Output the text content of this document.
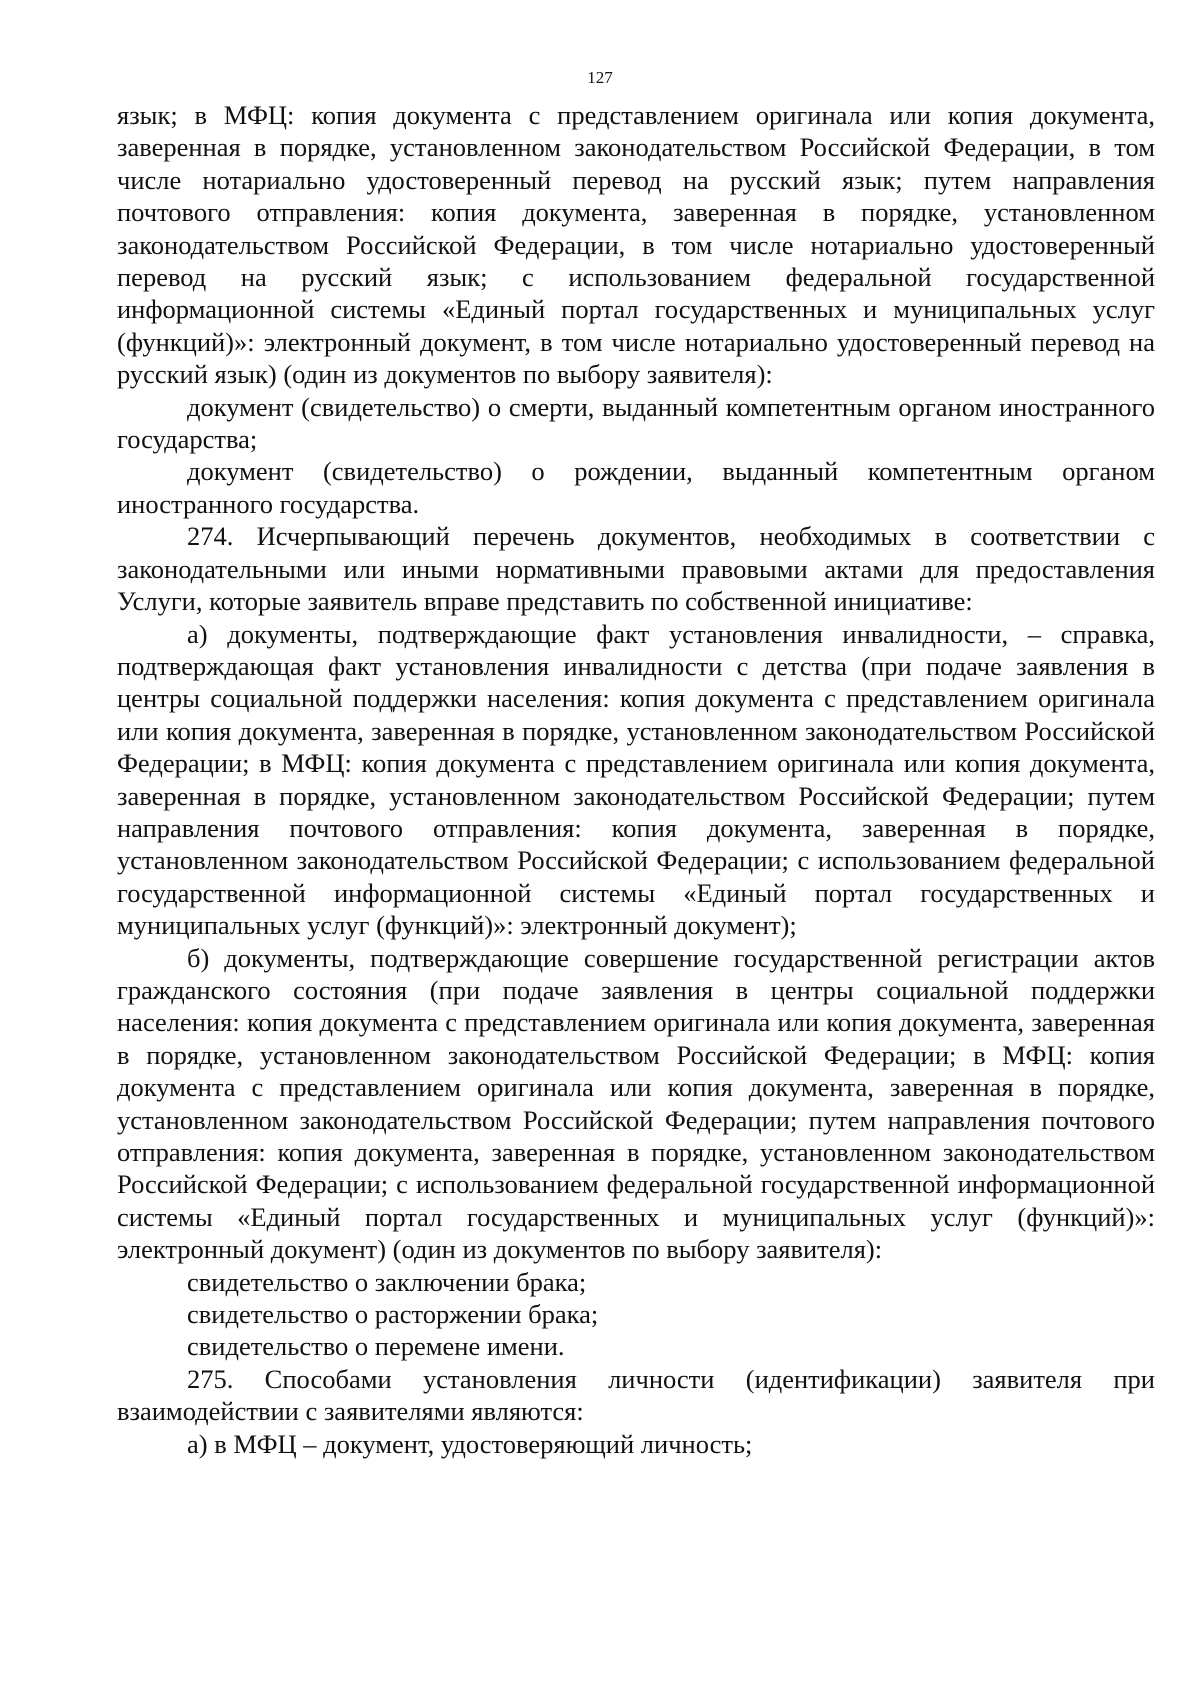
127

язык; в МФЦ: копия документа с представлением оригинала или копия документа, заверенная в порядке, установленном законодательством Российской Федерации, в том числе нотариально удостоверенный перевод на русский язык; путем направления почтового отправления: копия документа, заверенная в порядке, установленном законодательством Российской Федерации, в том числе нотариально удостоверенный перевод на русский язык; с использованием федеральной государственной информационной системы «Единый портал государственных и муниципальных услуг (функций)»: электронный документ, в том числе нотариально удостоверенный перевод на русский язык) (один из документов по выбору заявителя):

документ (свидетельство) о смерти, выданный компетентным органом иностранного государства;

документ (свидетельство) о рождении, выданный компетентным органом иностранного государства.

274. Исчерпывающий перечень документов, необходимых в соответствии с законодательными или иными нормативными правовыми актами для предоставления Услуги, которые заявитель вправе представить по собственной инициативе:

а) документы, подтверждающие факт установления инвалидности, – справка, подтверждающая факт установления инвалидности с детства (при подаче заявления в центры социальной поддержки населения: копия документа с представлением оригинала или копия документа, заверенная в порядке, установленном законодательством Российской Федерации; в МФЦ: копия документа с представлением оригинала или копия документа, заверенная в порядке, установленном законодательством Российской Федерации; путем направления почтового отправления: копия документа, заверенная в порядке, установленном законодательством Российской Федерации; с использованием федеральной государственной информационной системы «Единый портал государственных и муниципальных услуг (функций)»: электронный документ);

б) документы, подтверждающие совершение государственной регистрации актов гражданского состояния (при подаче заявления в центры социальной поддержки населения: копия документа с представлением оригинала или копия документа, заверенная в порядке, установленном законодательством Российской Федерации; в МФЦ: копия документа с представлением оригинала или копия документа, заверенная в порядке, установленном законодательством Российской Федерации; путем направления почтового отправления: копия документа, заверенная в порядке, установленном законодательством Российской Федерации; с использованием федеральной государственной информационной системы «Единый портал государственных и муниципальных услуг (функций)»: электронный документ) (один из документов по выбору заявителя):

свидетельство о заключении брака;

свидетельство о расторжении брака;

свидетельство о перемене имени.

275. Способами установления личности (идентификации) заявителя при взаимодействии с заявителями являются:

а) в МФЦ – документ, удостоверяющий личность;
